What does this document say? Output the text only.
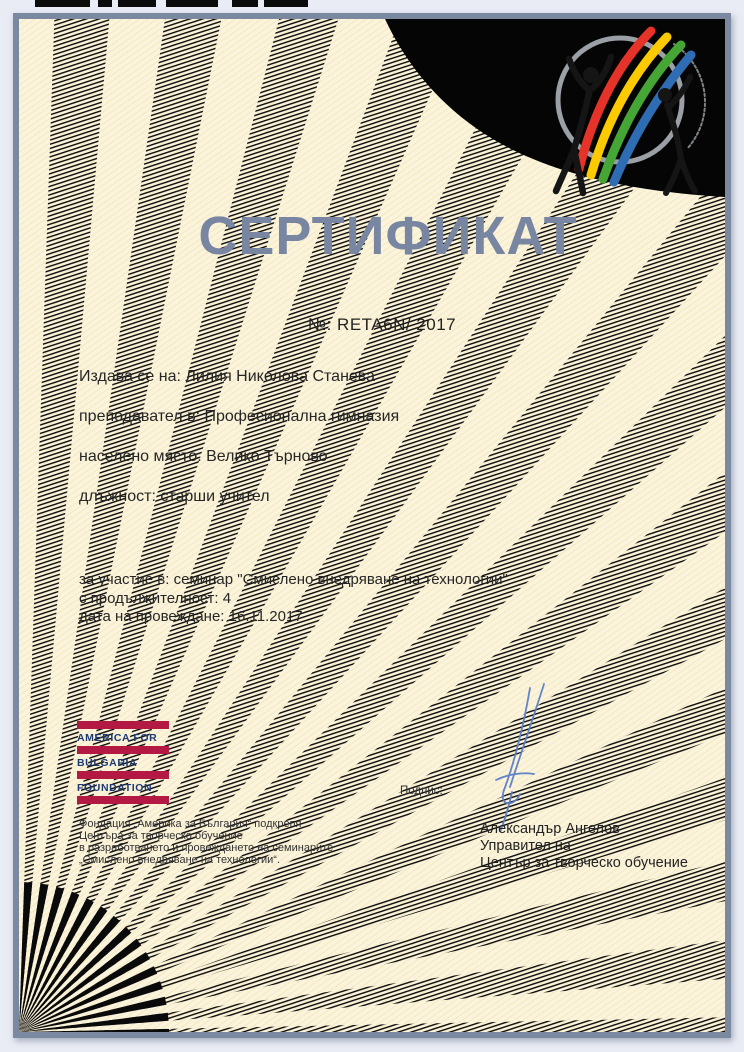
СЕРТИФИКАТ
№: RETA6N/ 2017
Издава се на: Лилия Николова Станева
преподавател в: Професионална гимназия
населено място: Велико Търново
длъжност: старши учител
за участие в: семинар "Смислено внедряване на технологии"
с продължителност: 4
дата на провеждане: 16.11.2017
AMERICA FOR
BULGARIA
FOUNDATION
Фондация „Америка за България“ подкрепя
Центъра за творческо обучение
в разработването и провеждането на семинарите
„Смислено внедряване на технологии“.
Подпис:
Александър Ангелов
Управител на
Център за творческо обучение
